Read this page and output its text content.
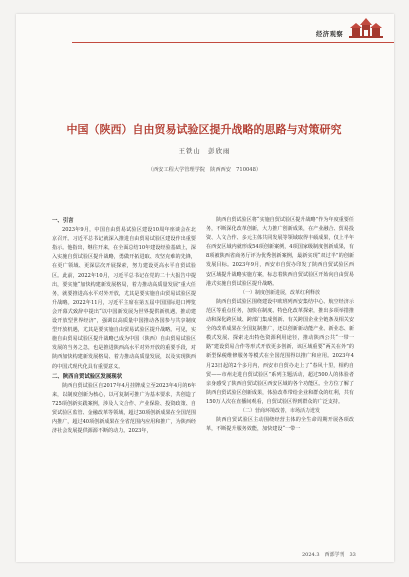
经济观察
中国（陕西）自由贸易试验区提升战略的思路与对策研究
王铁山　彭欣雨
（西安工程大学管理学院　陕西西安　710048）
一、引言

2023年9月，中国自由贸易试验区建设10周年座谈会在北京召开。习近平总书记就深入推进自由贸易试验区建设作出重要指示。他指出，继往开来，在全面总结10年建设经验基础上，深入实施自贸试验区提升战略，勇做开拓进取、攻坚克难的先锋，在更广领域、更深层次开展探索，努力建设更高水平自贸试验区。此前，2022年10月，习近平总书记在党的二十大报告中提出，要实施“加快构建新发展格局，着力推动高质量发展”重大任务，就要推进高水平对外开放，尤其是要实施自由贸易试验区提升战略。2022年11月，习近平主席在第五届中国国际进口博览会开幕式致辞中提出“以中国新发展为世界提供新机遇，推动建设开放型世界经济”，强调以高质量中国推动各国参与共享制度型开放机遇，尤其是要实施自由贸易试验区提升战略。可见，实施自由贸易试验区提升战略已成为中国（陕西）自由贸易试验区发展的当务之急，也是推进陕西高水平对外开放的重要手段，对陕西加快构建新发展格局、着力推动高质量发展，以及实现陕西的中国式现代化具有重要意义。

二、陕西自贸试验区发展现状

陕西自贸试验区自2017年4月挂牌成立至2023年4月的6年来，以制度创新为核心，以可复制可推广为基本要求，共创造了725项创新实践案例，涉及人文合作、产业保险、投资政策、自贸试验区监管、金融改革等领域，超过30项创新成果在全国范围内推广，超过40项创新成果在全省范围内应用和推广，为陕西经济社会发展提供源源不断的动力。2023年，

陕西自贸试验区将“实施自贸试验区提升战略”作为年度重要任务，不断深化改革创新，大力推广创新成果，在产业融合、贸易投资、人文合作、多元主体共同发展等领域取得丰硕成果，仅上半年在西安区域内就形成54项创新案例，4项国家级制度创新成果，有8项被陕西省商务厅评为优秀创新案例，最新实现“双过半”的创新发展目标。2023年9月，西安市自贸办印发了陕西自贸试验区西安区域提升战略实施方案，标志着陕西自贸试验区开始向自由贸易港式实施自贸试验区提升战略。

（一）制度创新进展，改革红利释放

陕西自贸试验区围绕建设中欧班列西安集结中心、航空经济示范区等重点任务，加快在制度、特色化改革探索，推出多项举措推动和深化跨区域、跨部门集成创新、有关跨国企业全链条及相关安全的改革成果在全国复制推广，还以创新新动能产业、新业态、新模式发展、探索走出特色资源利用途径，推动陕西公共“一带一路”建设贸易合作等形式开放更多创新，该区域重要“两关在外”的新型保税维修服务等模式在全国范围得以推广和应用。2023年4月23日起的2个多月内，西安市自贸办走上了“春风十里，相约自贸——市州走进自贸试验区”系列主题活动，超过500人的体验者亲身感受了陕西自贸试验区西安区域的各个功能区。全方位了解了陕西自贸试验区创新成果，体验改革带给企业和群众的红利，共有150万人次在直播间观看，自贸试验区得到群众的广泛支持。

（二）营商环境改善，市场活力迸发

陕西自贸试验区主动围绕经营主体的全生命周期开展各项改革，不断提升服务效能，加快建设“一带一

2024.3　西部学刊　33
